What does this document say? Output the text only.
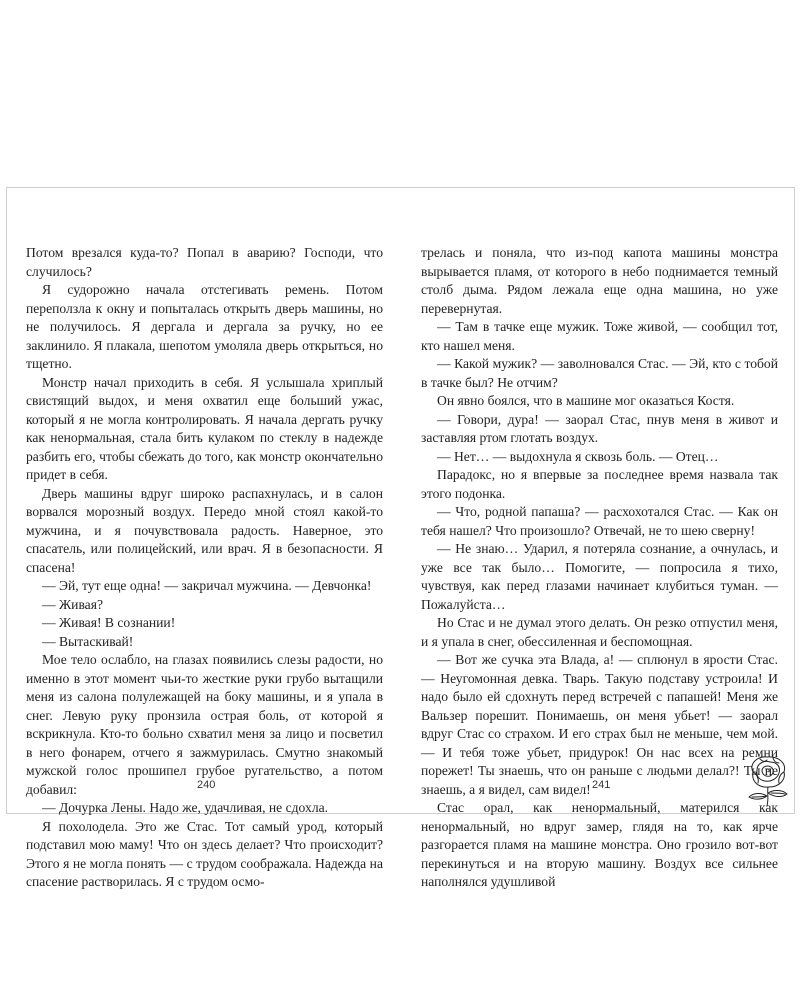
Потом врезался куда-то? Попал в аварию? Господи, что случилось?

Я судорожно начала отстегивать ремень. Потом переползла к окну и попыталась открыть дверь машины, но не получилось. Я дергала и дергала за ручку, но ее заклинило. Я плакала, шепотом умоляла дверь открыться, но тщетно.

Монстр начал приходить в себя. Я услышала хриплый свистящий выдох, и меня охватил еще больший ужас, который я не могла контролировать. Я начала дергать ручку как ненормальная, стала бить кулаком по стеклу в надежде разбить его, чтобы сбежать до того, как монстр окончательно придет в себя.

Дверь машины вдруг широко распахнулась, и в салон ворвался морозный воздух. Передо мной стоял какой-то мужчина, и я почувствовала радость. Наверное, это спасатель, или полицейский, или врач. Я в безопасности. Я спасена!

— Эй, тут еще одна! — закричал мужчина. — Девчонка!

— Живая?

— Живая! В сознании!

— Вытаскивай!

Мое тело ослабло, на глазах появились слезы радости, но именно в этот момент чьи-то жесткие руки грубо вытащили меня из салона полулежащей на боку машины, и я упала в снег. Левую руку пронзила острая боль, от которой я вскрикнула. Кто-то больно схватил меня за лицо и посветил в него фонарем, отчего я зажмурилась. Смутно знакомый мужской голос прошипел грубое ругательство, а потом добавил:

— Дочурка Лены. Надо же, удачливая, не сдохла.

Я похолодела. Это же Стас. Тот самый урод, который подставил мою маму! Что он здесь делает? Что происходит? Этого я не могла понять — с трудом соображала. Надежда на спасение растворилась. Я с трудом осмо-

трелась и поняла, что из-под капота машины монстра вырывается пламя, от которого в небо поднимается темный столб дыма. Рядом лежала еще одна машина, но уже перевернутая.

— Там в тачке еще мужик. Тоже живой, — сообщил тот, кто нашел меня.

— Какой мужик? — заволновался Стас. — Эй, кто с тобой в тачке был? Не отчим?

Он явно боялся, что в машине мог оказаться Костя.

— Говори, дура! — заорал Стас, пнув меня в живот и заставляя ртом глотать воздух.

— Нет… — выдохнула я сквозь боль. — Отец…

Парадокс, но я впервые за последнее время назвала так этого подонка.

— Что, родной папаша? — расхохотался Стас. — Как он тебя нашел? Что произошло? Отвечай, не то шею сверну!

— Не знаю… Ударил, я потеряла сознание, а очнулась, и уже все так было… Помогите, — попросила я тихо, чувствуя, как перед глазами начинает клубиться туман. — Пожалуйста…

Но Стас и не думал этого делать. Он резко отпустил меня, и я упала в снег, обессиленная и беспомощная.

— Вот же сучка эта Влада, а! — сплюнул в ярости Стас. — Неугомонная девка. Тварь. Такую подставу устроила! И надо было ей сдохнуть перед встречей с папашей! Меня же Вальзер порешит. Понимаешь, он меня убьет! — заорал вдруг Стас со страхом. И его страх был не меньше, чем мой. — И тебя тоже убьет, придурок! Он нас всех на ремни порежет! Ты знаешь, что он раньше с людьми делал?! Ты не знаешь, а я видел, сам видел!

Стас орал, как ненормальный, матерился как ненормальный, но вдруг замер, глядя на то, как ярче разгорается пламя на машине монстра. Оно грозило вот-вот перекинуться и на вторую машину. Воздух все сильнее наполнялся удушливой

240	241
